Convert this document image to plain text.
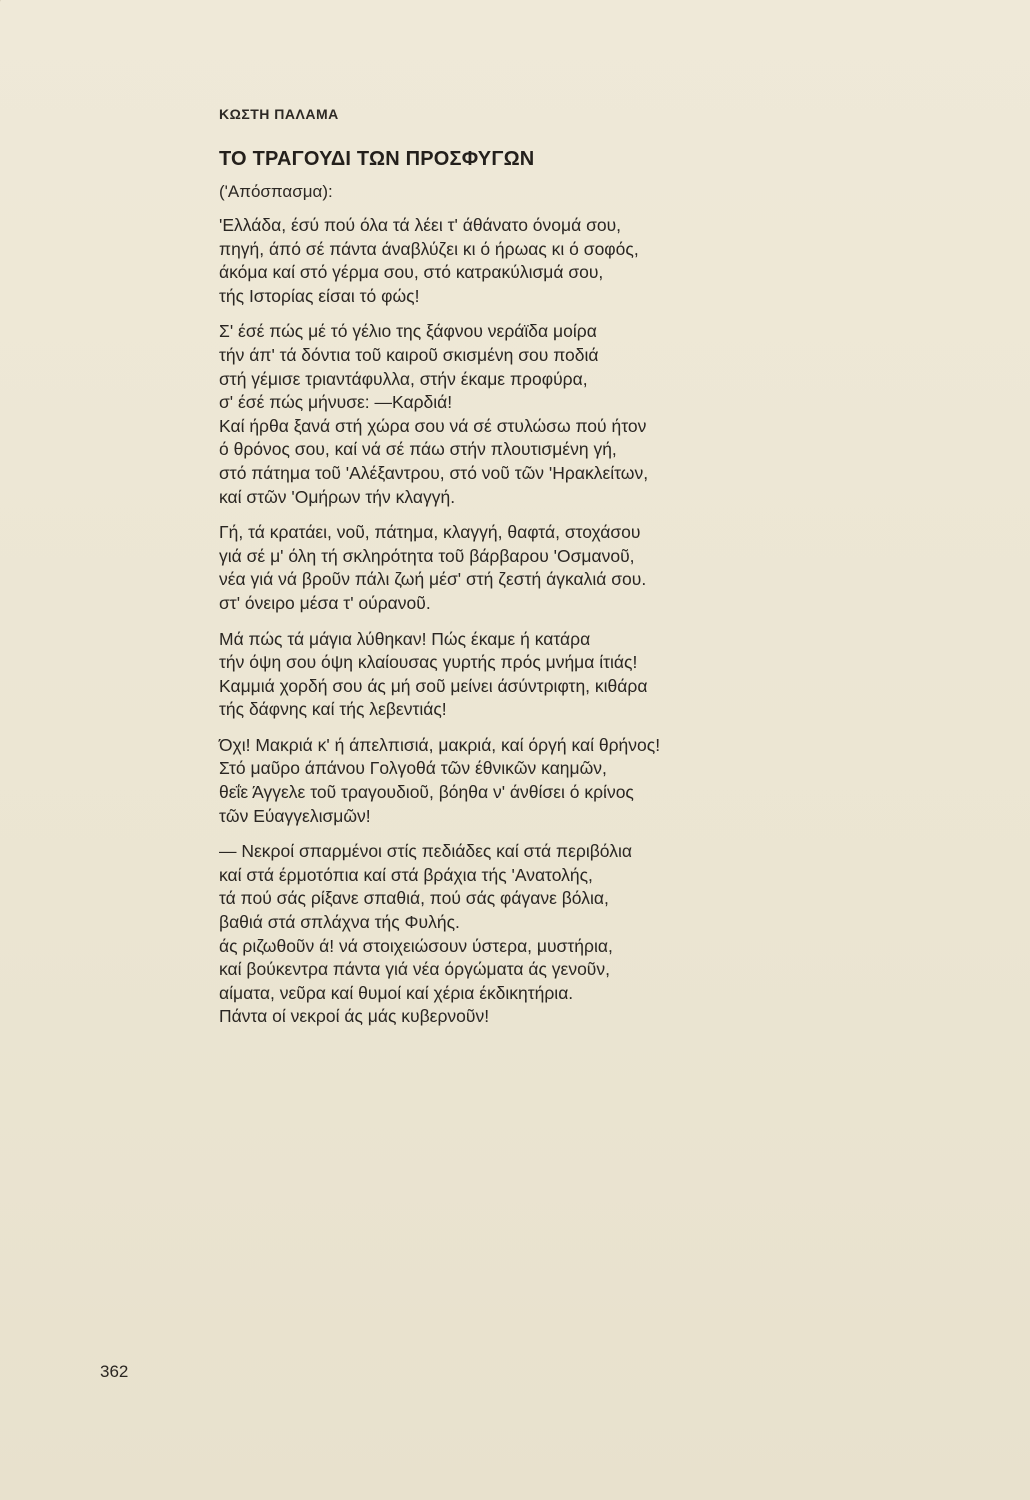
ΚΩΣΤΗ ΠΑΛΑΜΑ
ΤΟ ΤΡΑΓΟΥΔΙ ΤΩΝ ΠΡΟΣΦΥΓΩΝ
('Απόσπασμα):
'Ελλάδα, έσύ πού όλα τά λέει τ' άθάνατο όνομά σου,
πηγή, άπό σέ πάντα άναβλύζει κι ό ήρωας κι ό σοφός,
άκόμα καί στό γέρμα σου, στό κατρακύλισμά σου,
τής Ιστορίας είσαι τό φώς!
Σ' έσέ πώς μέ τό γέλιο της ξάφνου νεράϊδα μοίρα
τήν άπ' τά δόντια τοῦ καιροῦ σκισμένη σου ποδιά
στή γέμισε τριαντάφυλλα, στήν έκαμε προφύρα,
σ' έσέ πώς μήνυσε: —Καρδιά!
Καί ήρθα ξανά στή χώρα σου νά σέ στυλώσω πού ήτον
ό θρόνος σου, καί νά σέ πάω στήν πλουτισμένη γή,
στό πάτημα τοῦ 'Αλέξαντρου, στό νοῦ τῶν 'Ηρακλείτων,
καί στῶν 'Ομήρων τήν κλαγγή.
Γή, τά κρατάει, νοῦ, πάτημα, κλαγγή, θαφτά, στοχάσου
γιά σέ μ' όλη τή σκληρότητα τοῦ βάρβαρου 'Οσμανοῦ,
νέα γιά νά βροῦν πάλι ζωή μέσ' στή ζεστή άγκαλιά σου.
στ' όνειρο μέσα τ' ούρανοῦ.
Μά πώς τά μάγια λύθηκαν! Πώς έκαμε ή κατάρα
τήν όψη σου όψη κλαίουσας γυρτής πρός μνήμα ίτιάς!
Καμμιά χορδή σου άς μή σοῦ μείνει άσύντριφτη, κιθάρα
τής δάφνης καί τής λεβεντιάς!
Όχι! Μακριά κ' ή άπελπισιά, μακριά, καί όργή καί θρήνος!
Στό μαῦρο άπάνου Γολγοθά τῶν έθνικῶν καημῶν,
θεΐε Άγγελε τοῦ τραγουδιοῦ, βόηθα ν' άνθίσει ό κρίνος
τῶν Εύαγγελισμῶν!
— Νεκροί σπαρμένοι στίς πεδιάδες καί στά περιβόλια
καί στά έρμοτόπια καί στά βράχια τής 'Ανατολής,
τά πού σάς ρίξανε σπαθιά, πού σάς φάγανε βόλια,
βαθιά στά σπλάχνα τής Φυλής.
άς ριζωθοῦν ά! νά στοιχειώσουν ύστερα, μυστήρια,
καί βούκεντρα πάντα γιά νέα όργώματα άς γενοῦν,
αίματα, νεῦρα καί θυμοί καί χέρια έκδικητήρια.
Πάντα οί νεκροί άς μάς κυβερνοῦν!
362
